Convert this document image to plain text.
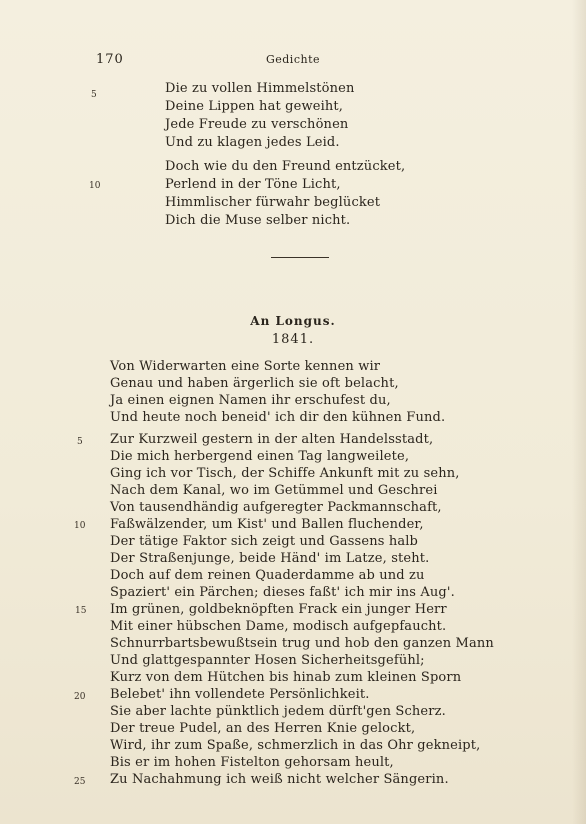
170	Gedichte
5	Die zu vollen Himmelstönen
Deine Lippen hat geweiht,
Jede Freude zu verschönen
Und zu klagen jedes Leid.
Doch wie du den Freund entzücket,
10	Perlend in der Töne Licht,
Himmlischer fürwahr beglücket
Dich die Muse selber nicht.
An Longus.
1841.
Von Widerwarten eine Sorte kennen wir
Genau und haben ärgerlich sie oft belacht,
Ja einen eignen Namen ihr erschufest du,
Und heute noch beneid' ich dir den kühnen Fund.
5 Zur Kurzweil gestern in der alten Handelsstadt,
Die mich herbergend einen Tag langweilete,
Ging ich vor Tisch, der Schiffe Ankunft mit zu sehn,
Nach dem Kanal, wo im Getümmel und Geschrei
Von tausendhändig aufgeregter Packmannschaft,
10 Faßwälzender, um Kist' und Ballen fluchender,
Der tätige Faktor sich zeigt und Gassens halb
Der Straßenjunge, beide Händ' im Latze, steht.
Doch auf dem reinen Quaderdamme ab und zu
Spaziert' ein Pärchen; dieses faßt' ich mir ins Aug'.
15 Im grünen, goldbeknöpften Frack ein junger Herr
Mit einer hübschen Dame, modisch aufgepfaucht.
Schnurrbartsbewußtsein trug und hob den ganzen Mann
Und glattgespannter Hosen Sicherheitsgefühl;
Kurz von dem Hütchen bis hinab zum kleinen Sporn
20 Belebet' ihn vollendete Persönlichkeit.
Sie aber lachte pünktlich jedem dürft'gen Scherz.
Der treue Pudel, an des Herren Knie gelockt,
Wird, ihr zum Spaße, schmerzlich in das Ohr gekneipt,
Bis er im hohen Fistelton gehorsam heult,
25 Zu Nachahmung ich weiß nicht welcher Sängerin.
